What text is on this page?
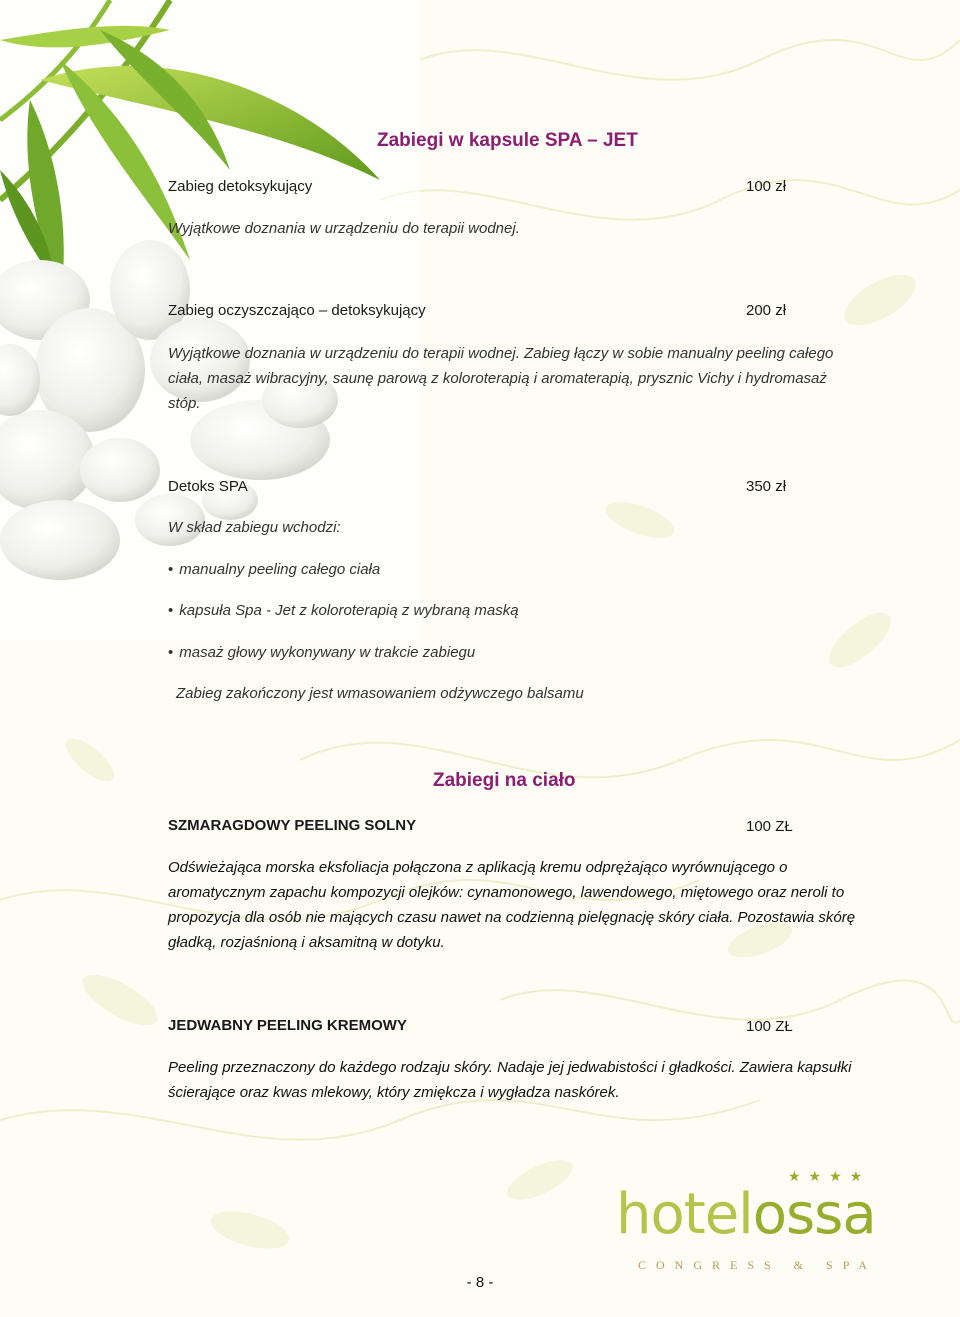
Zabiegi w kapsule SPA – JET
Zabieg detoksykujący	100 zł
Wyjątkowe doznania w urządzeniu do terapii wodnej.
Zabieg oczyszczająco – detoksykujący	200 zł
Wyjątkowe doznania w urządzeniu do terapii wodnej. Zabieg łączy w sobie manualny peeling całego ciała, masaż wibracyjny, saunę parową z koloroterapią i aromaterapią, prysznic Vichy i hydromasaż stóp.
Detoks SPA	350 zł
W skład zabiegu wchodzi:
• manualny peeling całego ciała
• kapsuła Spa - Jet z koloroterapią z wybraną maską
• masaż głowy wykonywany w trakcie zabiegu
Zabieg zakończony jest wmasowaniem odżywczego balsamu
Zabiegi na ciało
SZMARAGDOWY PEELING SOLNY	100 ZŁ
Odświeżająca morska eksfoliacja połączona z aplikacją kremu odprężająco wyrównującego o aromatycznym zapachu kompozycji olejków: cynamonowego, lawendowego, miętowego oraz neroli to propozycja dla osób nie mających czasu nawet na codzienną pielęgnację skóry ciała. Pozostawia skórę gładką, rozjaśnioną i aksamitną w dotyku.
JEDWABNY PEELING KREMOWY	100 ZŁ
Peeling przeznaczony do każdego rodzaju skóry. Nadaje jej jedwabistości i gładkości. Zawiera kapsułki ścierające oraz kwas mlekowy, który zmiękcza i wygładza naskórek.
★★★★
hotelossa
CONGRESS & SPA
- 8 -
